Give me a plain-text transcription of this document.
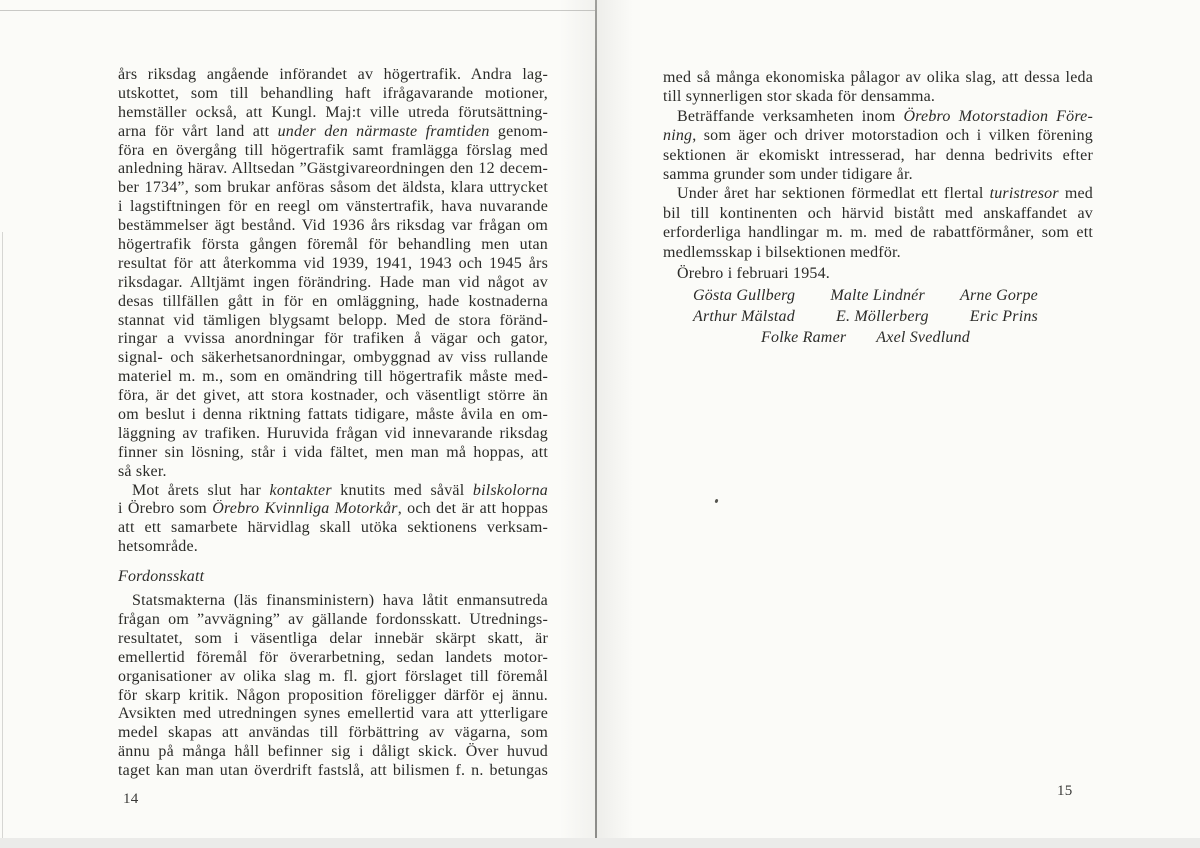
års riksdag angående införandet av högertrafik. Andra lag-
utskottet, som till behandling haft ifrågavarande motioner,
hemställer också, att Kungl. Maj:t ville utreda förutsättning-
arna för vårt land att under den närmaste framtiden genom-
föra en övergång till högertrafik samt framlägga förslag med
anledning härav. Alltsedan ”Gästgivareordningen den 12 decem-
ber 1734”, som brukar anföras såsom det äldsta, klara uttrycket
i lagstiftningen för en reegl om vänstertrafik, hava nuvarande
bestämmelser ägt bestånd. Vid 1936 års riksdag var frågan om
högertrafik första gången föremål för behandling men utan
resultat för att återkomma vid 1939, 1941, 1943 och 1945 års
riksdagar. Alltjämt ingen förändring. Hade man vid något av
desas tillfällen gått in för en omläggning, hade kostnaderna
stannat vid tämligen blygsamt belopp. Med de stora föränd-
ringar a vvissa anordningar för trafiken å vägar och gator,
signal- och säkerhetsanordningar, ombyggnad av viss rullande
materiel m. m., som en omändring till högertrafik måste med-
föra, är det givet, att stora kostnader, och väsentligt större än
om beslut i denna riktning fattats tidigare, måste åvila en om-
läggning av trafiken. Huruvida frågan vid innevarande riksdag
finner sin lösning, står i vida fältet, men man må hoppas, att
så sker.
Mot årets slut har kontakter knutits med såväl bilskolorna
i Örebro som Örebro Kvinnliga Motorkår, och det är att hoppas
att ett samarbete härvidlag skall utöka sektionens verksam-
hetsområde.
Fordonsskatt
Statsmakterna (läs finansministern) hava låtit enmansutreda
frågan om ”avvägning” av gällande fordonsskatt. Utrednings-
resultatet, som i väsentliga delar innebär skärpt skatt, är
emellertid föremål för överarbetning, sedan landets motor-
organisationer av olika slag m. fl. gjort förslaget till föremål
för skarp kritik. Någon proposition föreligger därför ej ännu.
Avsikten med utredningen synes emellertid vara att ytterligare
medel skapas att användas till förbättring av vägarna, som
ännu på många håll befinner sig i dåligt skick. Över huvud
taget kan man utan överdrift fastslå, att bilismen f. n. betungas
med så många ekonomiska pålagor av olika slag, att dessa leda
till synnerligen stor skada för densamma.
Beträffande verksamheten inom Örebro Motorstadion Före-
ning, som äger och driver motorstadion och i vilken förening
sektionen är ekomiskt intresserad, har denna bedrivits efter
samma grunder som under tidigare år.
Under året har sektionen förmedlat ett flertal turistresor med
bil till kontinenten och härvid bistått med anskaffandet av
erforderliga handlingar m. m. med de rabattförmåner, som ett
medlemsskap i bilsektionen medför.
Örebro i februari 1954.
Gösta Gullberg Malte Lindnér Arne Gorpe
Arthur Mälstad	E. Möllerberg	Eric Prins
Folke Ramer Axel Svedlund
14	15
